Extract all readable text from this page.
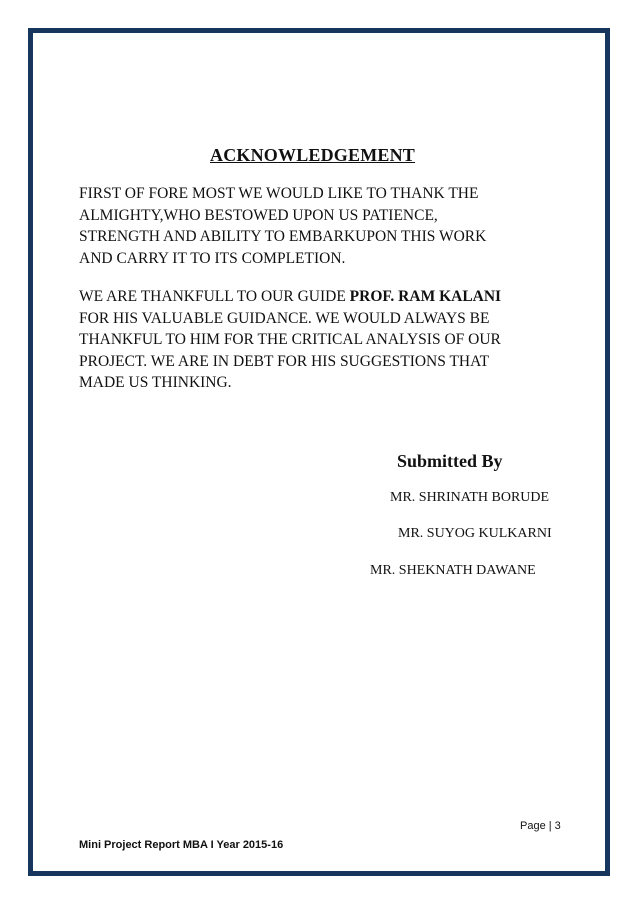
ACKNOWLEDGEMENT

FIRST OF FORE MOST WE WOULD LIKE TO THANK THE
ALMIGHTY,WHO BESTOWED UPON US PATIENCE,
STRENGTH AND ABILITY TO EMBARKUPON THIS WORK
AND CARRY IT TO ITS COMPLETION.

WE ARE THANKFULL TO OUR GUIDE PROF. RAM KALANI
FOR HIS VALUABLE GUIDANCE. WE WOULD ALWAYS BE
THANKFUL TO HIM FOR THE CRITICAL ANALYSIS OF OUR
PROJECT. WE ARE IN DEBT FOR HIS SUGGESTIONS THAT
MADE US THINKING.

Submitted By
MR. SHRINATH BORUDE
MR. SUYOG KULKARNI
MR. SHEKNATH DAWANE
Page | 3
Mini Project Report MBA I Year 2015-16
